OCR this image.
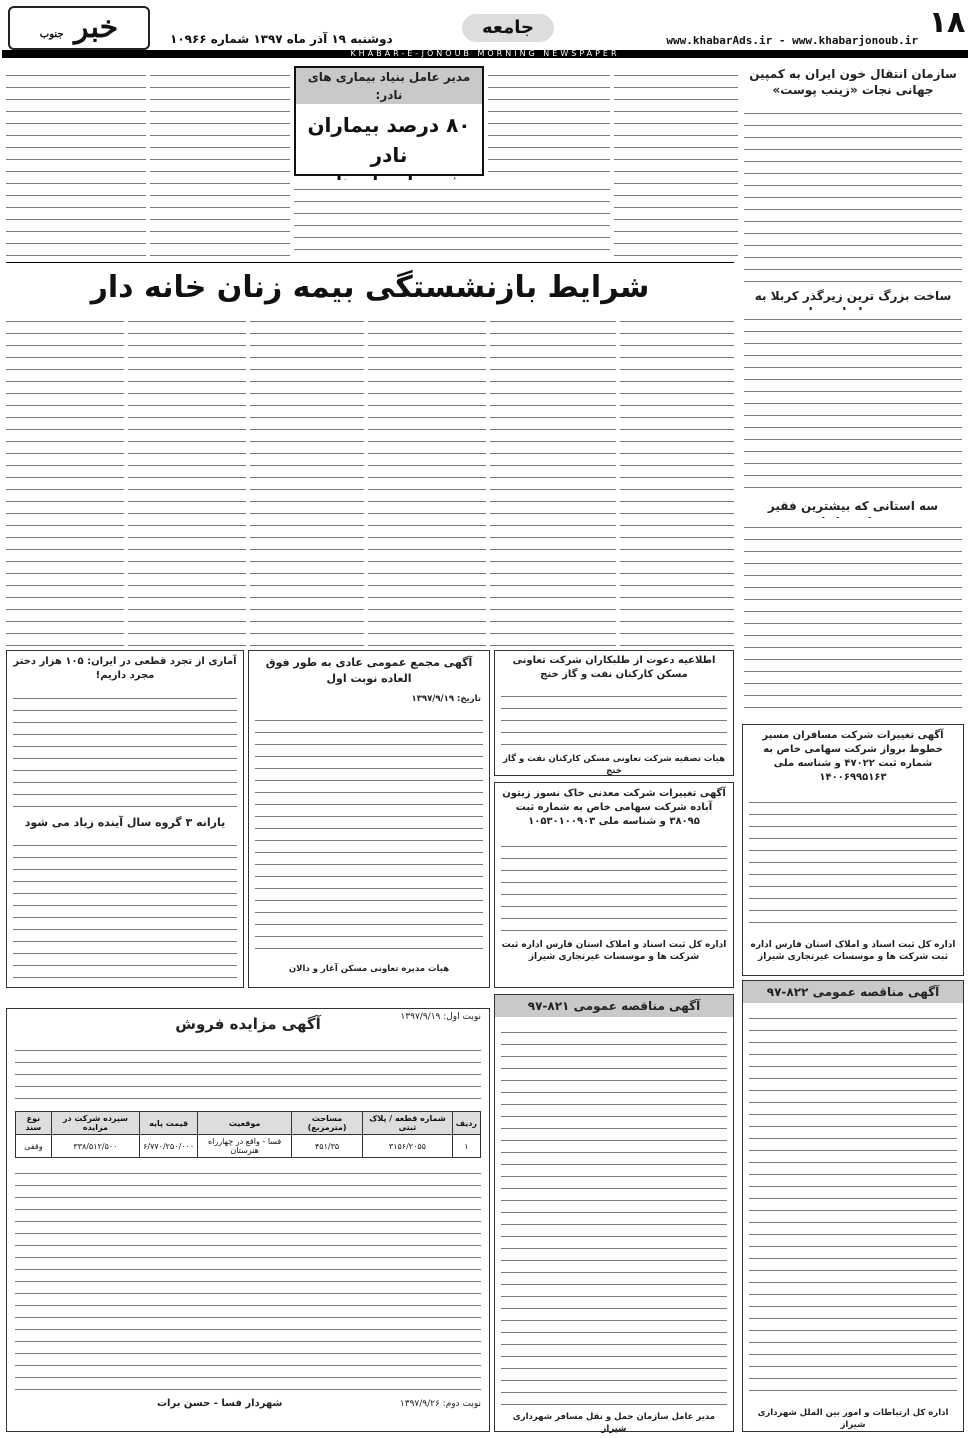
۱۸
www.khabarAds.ir - www.khabarjonoub.ir
جامعه
دوشنبه ۱۹ آذر ماه ۱۳۹۷ شماره ۱۰۹۶۶
خبر جنوب
KHABAR-E-JONOUB MORNING NEWSPAPER
سازمان انتقال خون ایران به کمپین جهانی نجات «زینب پوست»
ساخت بزرگ ترین زیرگذر کربلا به
سه استانی که بیشترین فقیر
آگهی تغییرات شرکت مسافران مسیر خطوط برواز شرکت سهامی خاص به شماره ثبت ۴۷۰۲۲ و شناسه ملی ۱۴۰۰۶۹۹۵۱۶۳
اداره کل ثبت اسناد و املاک استان فارس اداره ثبت شرکت ها و موسسات غیرتجاری شیراز
آگهی مناقصه عمومی ۸۲۲-۹۷
اداره کل ارتباطات و امور بین الملل شهرداری شیراز
مدیر عامل بنیاد بیماری های نادر:
۸۰ درصد بیماران نادر
شرایط بازنشستگی بیمه زنان خانه دار
اطلاعیه دعوت از طلبکاران شرکت تعاونی مسکن کارکنان نفت و گاز خنج
هیات تصفیه شرکت تعاونی مسکن کارکنان نفت و گاز خنج
آگهی تغییرات شرکت معدنی خاک نسوز زیتون آباده شرکت سهامی خاص به شماره ثبت ۳۸۰۹۵ و شناسه ملی ۱۰۵۳۰۱۰۰۹۰۳
اداره کل ثبت اسناد و املاک استان فارس اداره ثبت شرکت ها و موسسات غیرتجاری شیراز
آگهی مناقصه عمومی ۸۲۱-۹۷
مدیر عامل سازمان حمل و نقل مسافر شهرداری شیراز
آگهی مجمع عمومی عادی به طور فوق العاده نوبت اول
تاریخ: ۱۳۹۷/۹/۱۹
هیات مدیره تعاونی مسکن آغار و دالان
آماری از تجرد قطعی در ایران: ۱۰۵ هزار دختر مجرد داریم!
یارانه ۳ گروه سال آینده زیاد می شود
آگهی مزایده فروش	نوبت اول: ۱۳۹۷/۹/۱۹
ردیف	شماره قطعه / پلاک ثبتی	مساحت (مترمربع)	موقعیت	قیمت پایه	سپرده شرکت در مزایده	نوع سند
۱	۳۱۵۶/۲۰۵۵	۴۵۱/۳۵	فسا - واقع در چهارراه هنرستان	۶/۷۷۰/۲۵۰/۰۰۰	۳۳۸/۵۱۲/۵۰۰	وقفی
نوبت دوم: ۱۳۹۷/۹/۲۶
شهردار فسا - حسن برات
